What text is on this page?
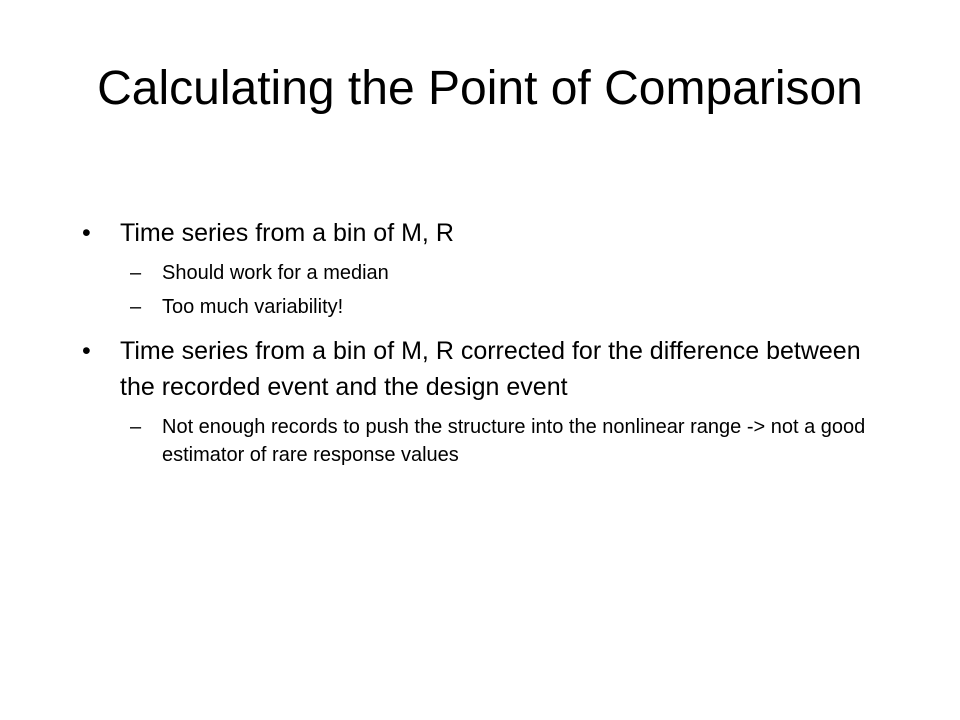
Calculating the Point of Comparison
• Time series from a bin of M, R
– Should work for a median
– Too much variability!
• Time series from a bin of M, R corrected for the difference between the recorded event and the design event
– Not enough records to push the structure into the nonlinear range -> not a good estimator of rare response values
